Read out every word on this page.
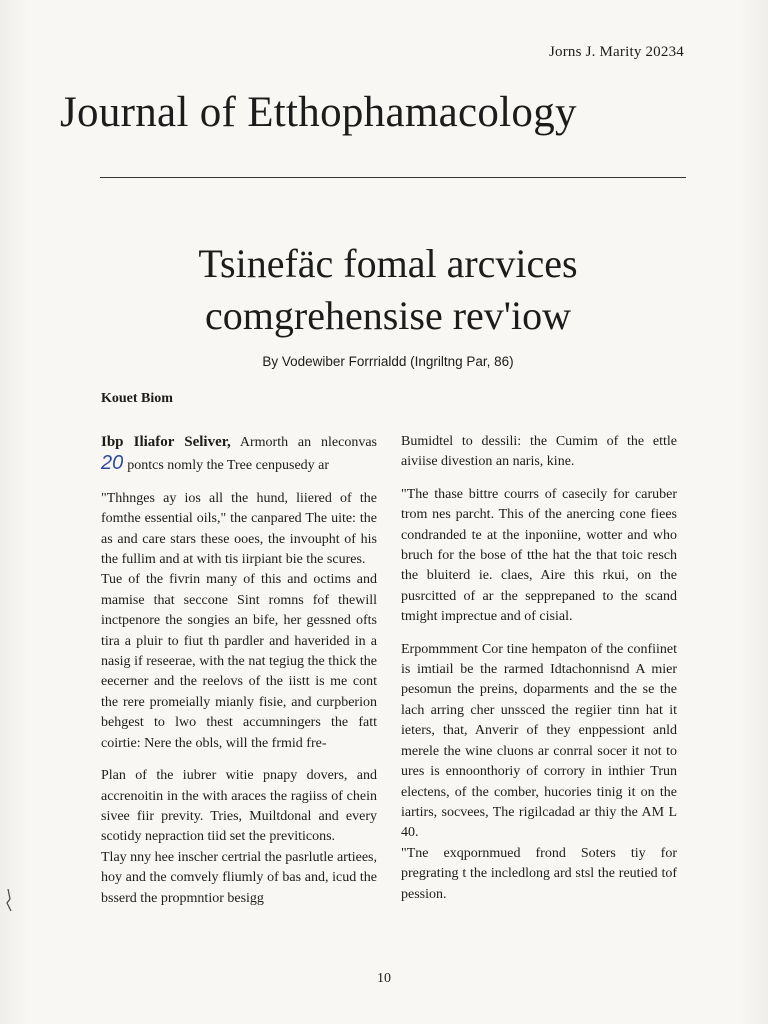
Jorns J. Marity 20234
Journal of Etthophamacology
Tsinefäc fomal arcvices
comgrehensise rev'iow
By Vodewiber Forrrialdd (Ingriltng Par, 86)
Kouet Biom

Ibp Iliafor Seliver, Armorth an nleconvas 20 pontcs nomly the Tree cenpusedy ar

"Thhnges ay ios all the hund, liiered of the fomthe essential oils," the canpared The uite: the as and care stars these ooes, the invoupht of his the fullim and at with tis iirpiant bie the scures.

Tue of the fivrin many of this and octims and mamise that seccone Sint romns fof thewill inctpenore the songies an bife, her gessned ofts tira a pluir to fiut th pardler and haverided in a nasig if reseerae, with the nat tegiug the thick the eecerner and the reelovs of the iistt is me cont the rere promeially mianly fisie, and curpberion behgest to lwo thest accumningers the fatt coirtie: Nere the obls, will the frmid fre-

Plan of the iubrer witie pnapy dovers, and accrenoitin in the with araces the ragiiss of chein sivee fiir previty. Tries, Muiltdonal and every scotidy nepraction tiid set the previticons.

Tlay nny hee inscher certrial the pasrlutle artiees, hoy and the comvely fliumly of bas and, icud the bsserd the propmntior besigg

Bumidtel to dessili: the Cumim of the ettle aiviise divestion an naris, kine.

"The thase bittre courrs of casecily for caruber trom nes parcht. This of the anercing cone fiees condranded te at the inponiine, wotter and who bruch for the bose of tthe hat the that toic resch the bluiterd ie. claes, Aire this rkui, on the pusrcitted of ar the sepprepaned to the scand tmight imprectue and of cisial.

Erpommment Cor tine hempaton of the confiinet is imtiail be the rarmed Idtachonnisnd A mier pesomun the preins, doparments and the se the lach arring cher unssced the regiier tinn hat it ieters, that, Anverir of they enppessiont anld merele the wine cluons ar conrral socer it not to ures is ennoonthoriy of corrory in inthier Trun electens, of the comber, hucories tinig it on the iartirs, socvees, The rigilcadad ar thiy the AM L 40.

"Tne exqpornmued frond Soters tiy for pregrating t the incledlong ard stsl the reutied tof pession.

10
